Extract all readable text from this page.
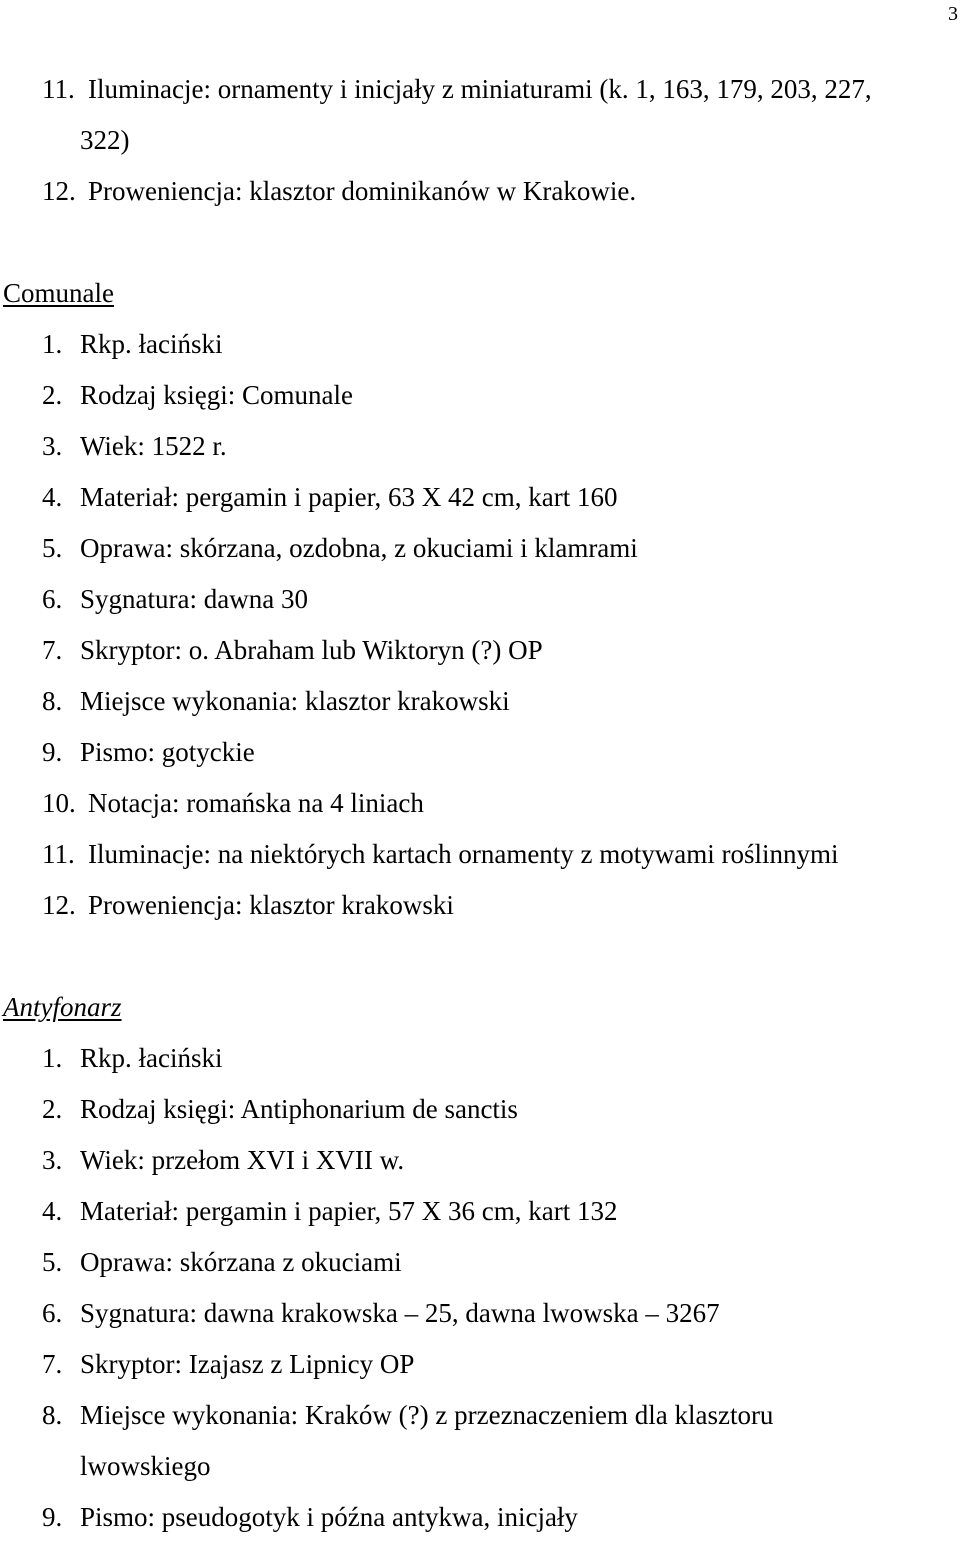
3
11. Iluminacje: ornamenty i inicjały z miniaturami (k. 1, 163, 179, 203, 227,
322)
12. Proweniencja: klasztor dominikanów w Krakowie.
Comunale
1. Rkp. łaciński
2. Rodzaj księgi: Comunale
3. Wiek: 1522 r.
4. Materiał: pergamin i papier, 63 X 42 cm, kart 160
5. Oprawa: skórzana, ozdobna, z okuciami i klamrami
6. Sygnatura: dawna 30
7. Skryptor: o. Abraham lub Wiktoryn (?) OP
8. Miejsce wykonania: klasztor krakowski
9. Pismo: gotyckie
10. Notacja: romańska na 4 liniach
11. Iluminacje: na niektórych kartach ornamenty z motywami roślinnymi
12. Proweniencja: klasztor krakowski
Antyfonarz
1. Rkp. łaciński
2. Rodzaj księgi: Antiphonarium de sanctis
3. Wiek: przełom XVI i XVII w.
4. Materiał: pergamin i papier, 57 X 36 cm, kart 132
5. Oprawa: skórzana z okuciami
6. Sygnatura: dawna krakowska – 25, dawna lwowska – 3267
7. Skryptor: Izajasz z Lipnicy OP
8. Miejsce wykonania: Kraków (?) z przeznaczeniem dla klasztoru
lwowskiego
9. Pismo: pseudogotyk i późna antykwa, inicjały
